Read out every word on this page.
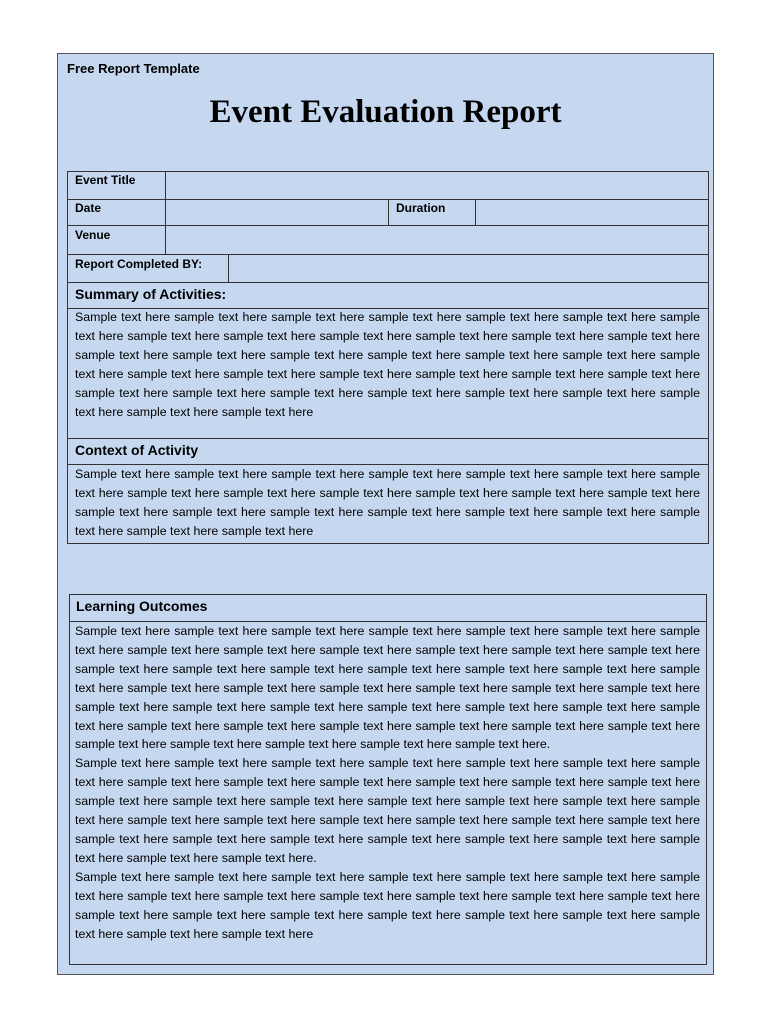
Free Report Template
Event Evaluation Report
Event Title
Date	Duration
Venue
Report Completed BY:
Summary of Activities:
Sample text here sample text here sample text here sample text here sample text here sample text here sample text here sample text here sample text here sample text here sample text here sample text here sample text here sample text here sample text here sample text here sample text here sample text here sample text here sample text here sample text here sample text here sample text here sample text here sample text here sample text here sample text here sample text here sample text here sample text here sample text here sample text here sample text here sample text here sample text here
Context of Activity
Sample text here sample text here sample text here sample text here sample text here sample text here sample text here sample text here sample text here sample text here sample text here sample text here sample text here sample text here sample text here sample text here sample text here sample text here sample text here sample text here sample text here sample text here
Learning Outcomes
Sample text here sample text here sample text here sample text here sample text here sample text here sample text here sample text here sample text here sample text here sample text here sample text here sample text here sample text here sample text here sample text here sample text here sample text here sample text here sample text here sample text here sample text here sample text here sample text here sample text here sample text here sample text here sample text here sample text here sample text here sample text here sample text here sample text here sample text here sample text here sample text here sample text here sample text here sample text here sample text here sample text here sample text here sample text here sample text here.
Sample text here sample text here sample text here sample text here sample text here sample text here sample text here sample text here sample text here sample text here sample text here sample text here sample text here sample text here sample text here sample text here sample text here sample text here sample text here sample text here sample text here sample text here sample text here sample text here sample text here sample text here sample text here sample text here sample text here sample text here sample text here sample text here sample text here sample text here sample text here.
Sample text here sample text here sample text here sample text here sample text here sample text here sample text here sample text here sample text here sample text here sample text here sample text here sample text here sample text here sample text here sample text here sample text here sample text here sample text here sample text here sample text here sample text here
